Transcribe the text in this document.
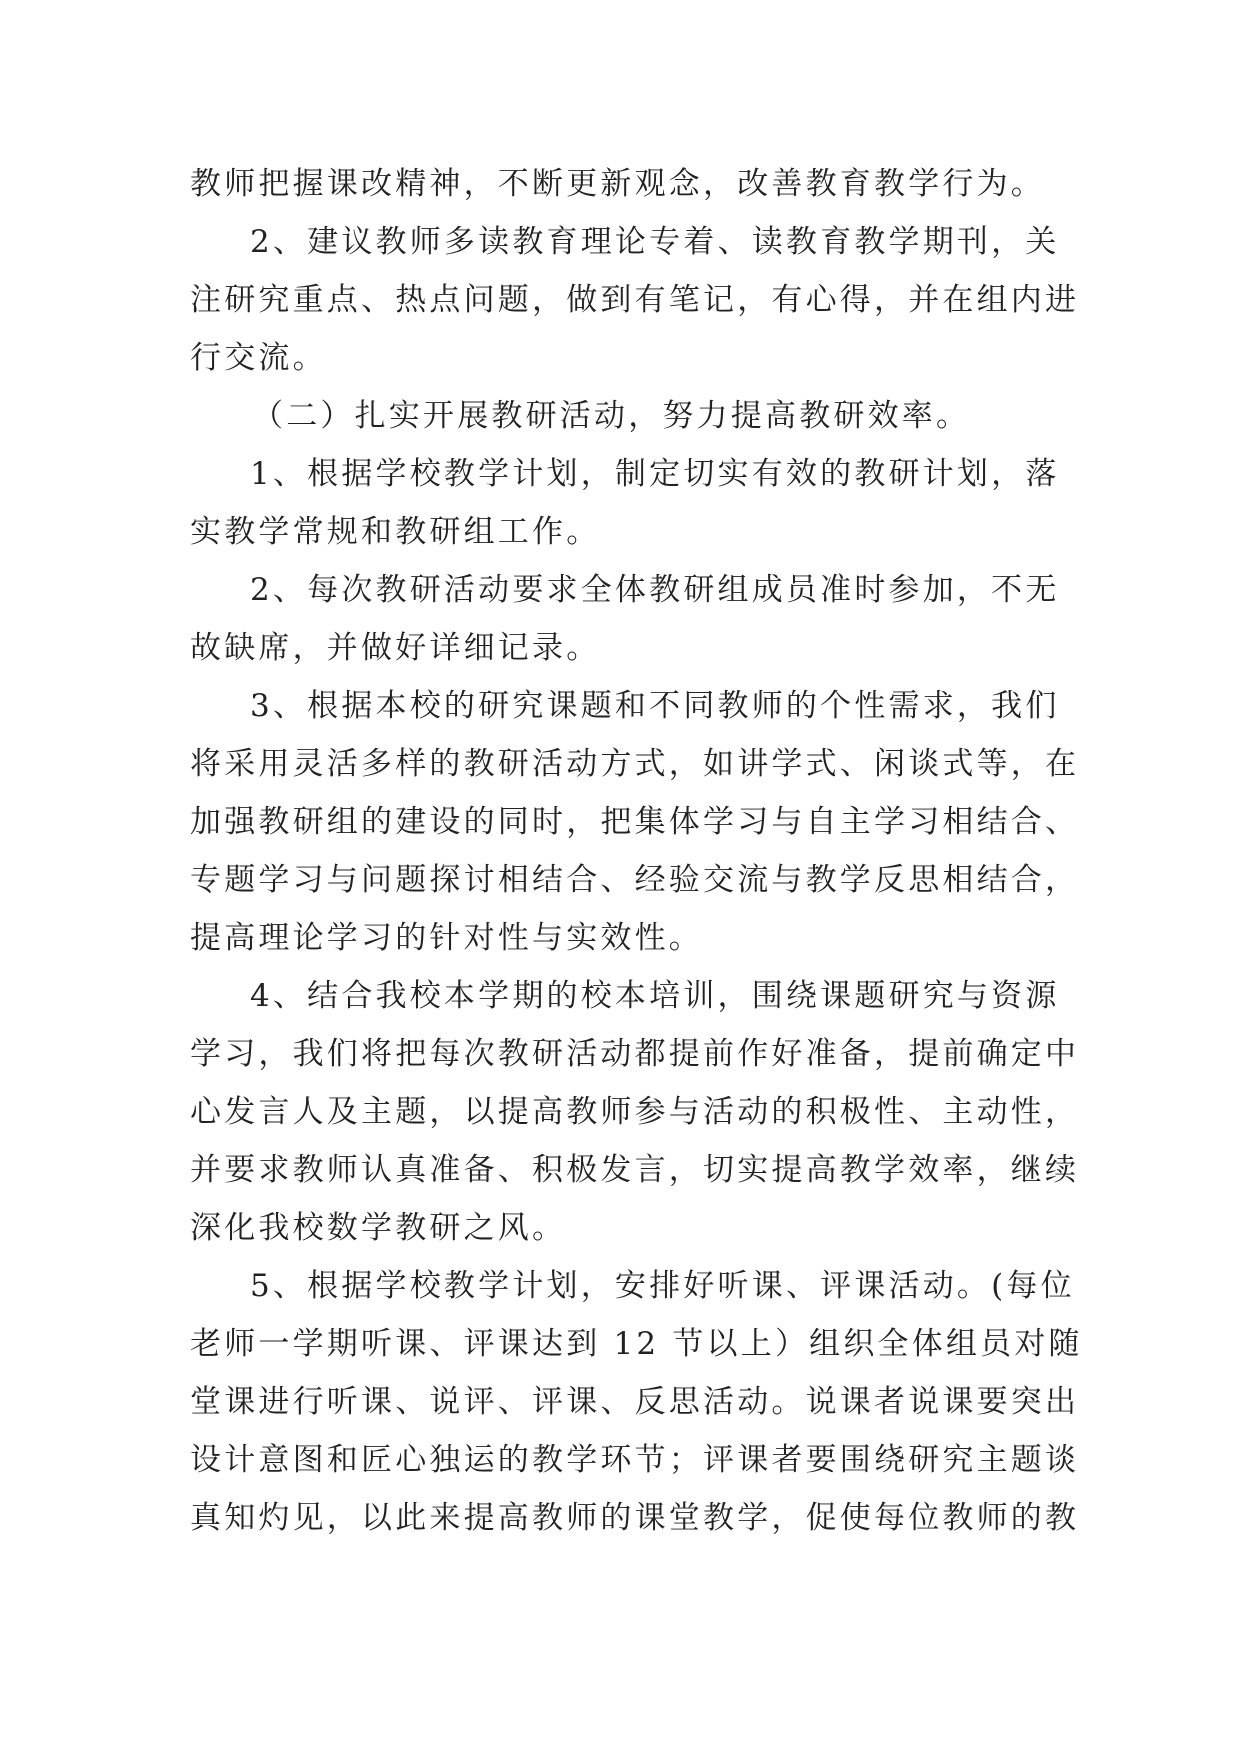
教师把握课改精神，不断更新观念，改善教育教学行为。
2、建议教师多读教育理论专着、读教育教学期刊，关
注研究重点、热点问题，做到有笔记，有心得，并在组内进
行交流。
（二）扎实开展教研活动，努力提高教研效率。
1、根据学校教学计划，制定切实有效的教研计划，落
实教学常规和教研组工作。
2、每次教研活动要求全体教研组成员准时参加，不无
故缺席，并做好详细记录。
3、根据本校的研究课题和不同教师的个性需求，我们
将采用灵活多样的教研活动方式，如讲学式、闲谈式等，在
加强教研组的建设的同时，把集体学习与自主学习相结合、
专题学习与问题探讨相结合、经验交流与教学反思相结合，
提高理论学习的针对性与实效性。
4、结合我校本学期的校本培训，围绕课题研究与资源
学习，我们将把每次教研活动都提前作好准备，提前确定中
心发言人及主题，以提高教师参与活动的积极性、主动性，
并要求教师认真准备、积极发言，切实提高教学效率，继续
深化我校数学教研之风。
5、根据学校教学计划，安排好听课、评课活动。(每位
老师一学期听课、评课达到 12 节以上）组织全体组员对随
堂课进行听课、说评、评课、反思活动。说课者说课要突出
设计意图和匠心独运的教学环节；评课者要围绕研究主题谈
真知灼见，以此来提高教师的课堂教学，促使每位教师的教
